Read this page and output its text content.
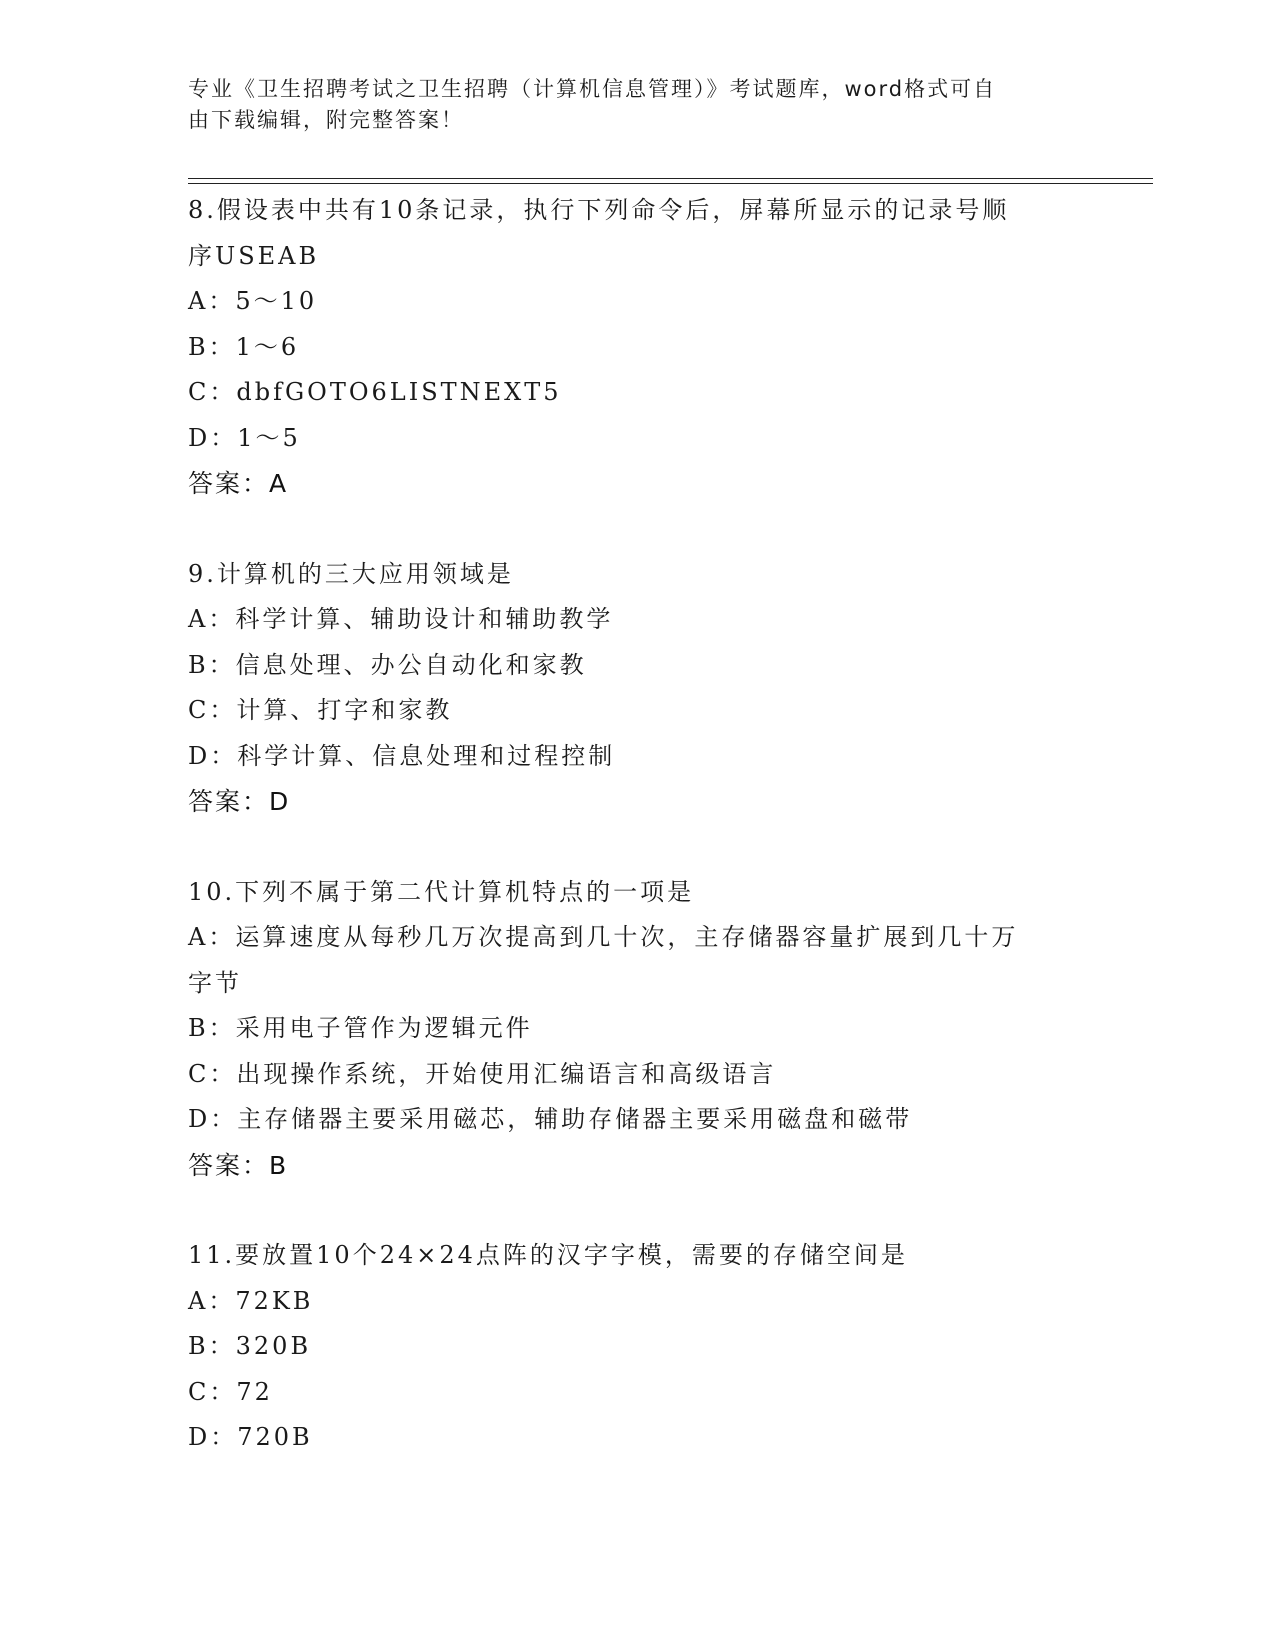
专业《卫生招聘考试之卫生招聘（计算机信息管理）》考试题库，word格式可自
由下载编辑，附完整答案！
8.假设表中共有10条记录，执行下列命令后，屏幕所显示的记录号顺
序USEAB
A：5～10
B：1～6
C：dbfGOTO6LISTNEXT5
D：1～5
答案：A
9.计算机的三大应用领域是
A：科学计算、辅助设计和辅助教学
B：信息处理、办公自动化和家教
C：计算、打字和家教
D：科学计算、信息处理和过程控制
答案：D
10.下列不属于第二代计算机特点的一项是
A：运算速度从每秒几万次提高到几十次，主存储器容量扩展到几十万
字节
B：采用电子管作为逻辑元件
C：出现操作系统，开始使用汇编语言和高级语言
D：主存储器主要采用磁芯，辅助存储器主要采用磁盘和磁带
答案：B
11.要放置10个24×24点阵的汉字字模，需要的存储空间是
A：72KB
B：320B
C：72
D：720B
